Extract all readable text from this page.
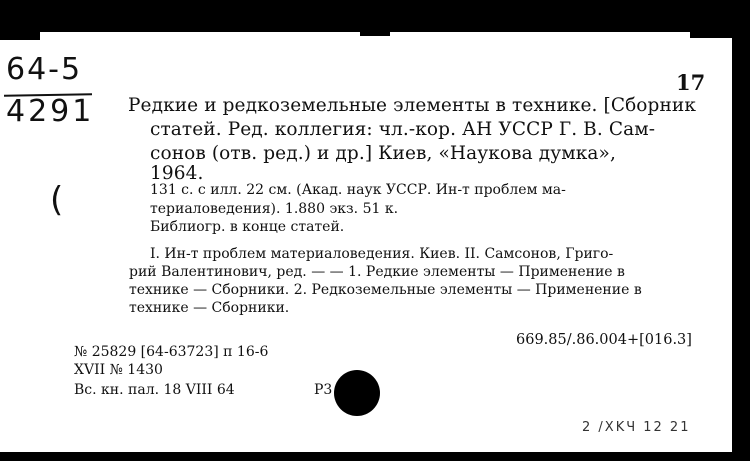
64-5
4291
(
2 /XKЧ 12 21
17
Редкие и редкоземельные элементы в технике. [Сборник
статей. Ред. коллегия: чл.-кор. АН УССР Г. В. Сам-
сонов (отв. ред.) и др.] Киев, «Наукова думка»,
1964.
131 с. с илл. 22 см. (Акад. наук УССР. Ин-т проблем ма-
териаловедения). 1.880 экз. 51 к.
Библиогр. в конце статей.
I. Ин-т проблем материаловедения. Киев. II. Самсонов, Григо-
рий Валентинович, ред. — — 1. Редкие элементы — Применение в
технике — Сборники. 2. Редкоземельные элементы — Применение в
технике — Сборники.
669.85/.86.004+[016.3]
№ 25829 [64-63723] п 16-6
XVII № 1430
Вс. кн. пал. 18 VIII 64	Р3
